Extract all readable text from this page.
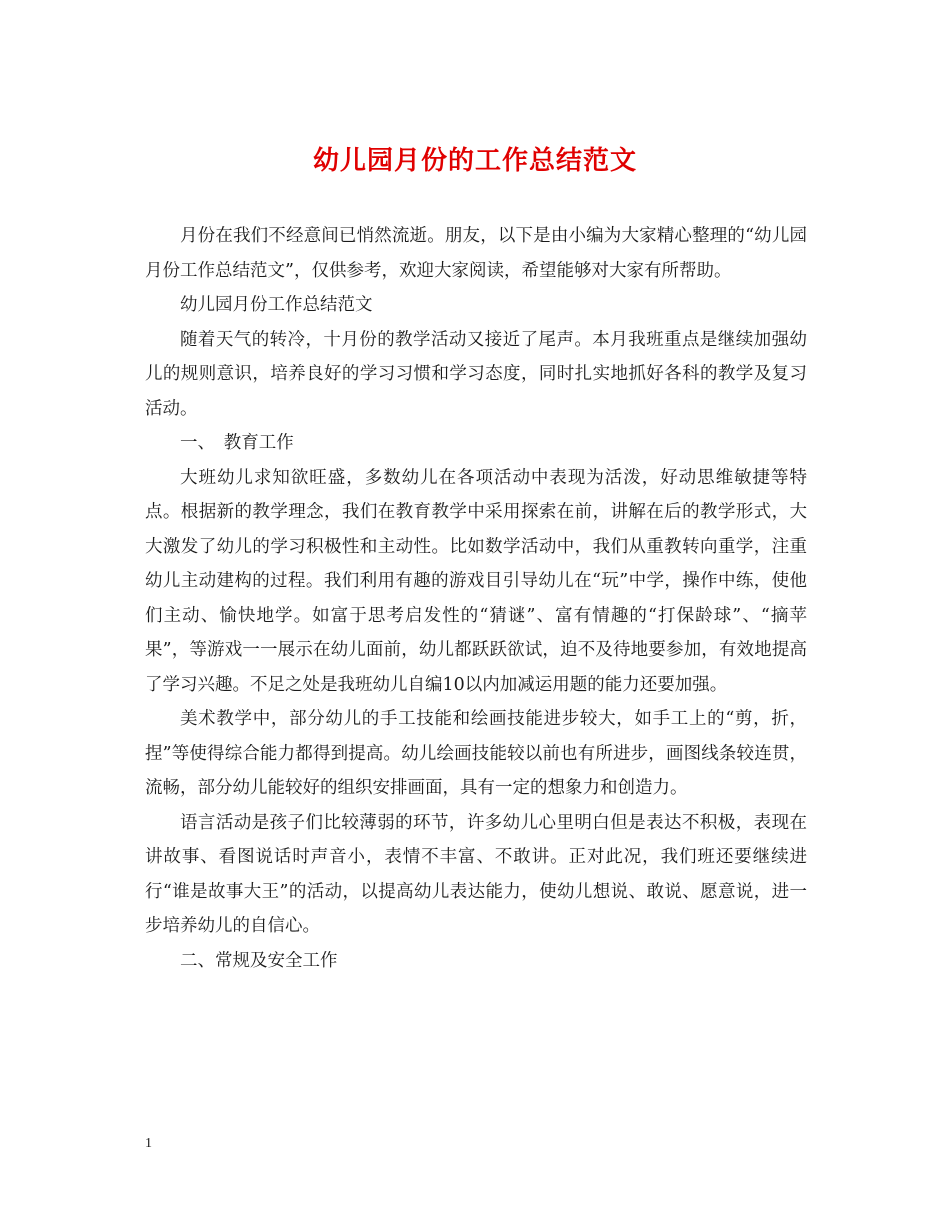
幼儿园月份的工作总结范文

月份在我们不经意间已悄然流逝。朋友，以下是由小编为大家精心整理的“幼儿园月份工作总结范文”，仅供参考，欢迎大家阅读，希望能够对大家有所帮助。

幼儿园月份工作总结范文

随着天气的转冷，十月份的教学活动又接近了尾声。本月我班重点是继续加强幼儿的规则意识，培养良好的学习习惯和学习态度，同时扎实地抓好各科的教学及复习活动。

一、　教育工作

大班幼儿求知欲旺盛，多数幼儿在各项活动中表现为活泼，好动思维敏捷等特点。根据新的教学理念，我们在教育教学中采用探索在前，讲解在后的教学形式，大大激发了幼儿的学习积极性和主动性。比如数学活动中，我们从重教转向重学，注重幼儿主动建构的过程。我们利用有趣的游戏目引导幼儿在“玩”中学，操作中练，使他们主动、愉快地学。如富于思考启发性的“猜谜”、富有情趣的“打保龄球”、“摘苹果”，等游戏一一展示在幼儿面前，幼儿都跃跃欲试，迫不及待地要参加，有效地提高了学习兴趣。不足之处是我班幼儿自编10以内加减运用题的能力还要加强。

美术教学中，部分幼儿的手工技能和绘画技能进步较大，如手工上的“剪，折，捏”等使得综合能力都得到提高。幼儿绘画技能较以前也有所进步，画图线条较连贯，流畅，部分幼儿能较好的组织安排画面，具有一定的想象力和创造力。

语言活动是孩子们比较薄弱的环节，许多幼儿心里明白但是表达不积极，表现在讲故事、看图说话时声音小，表情不丰富、不敢讲。正对此况，我们班还要继续进行“谁是故事大王”的活动，以提高幼儿表达能力，使幼儿想说、敢说、愿意说，进一步培养幼儿的自信心。

二、常规及安全工作

1
